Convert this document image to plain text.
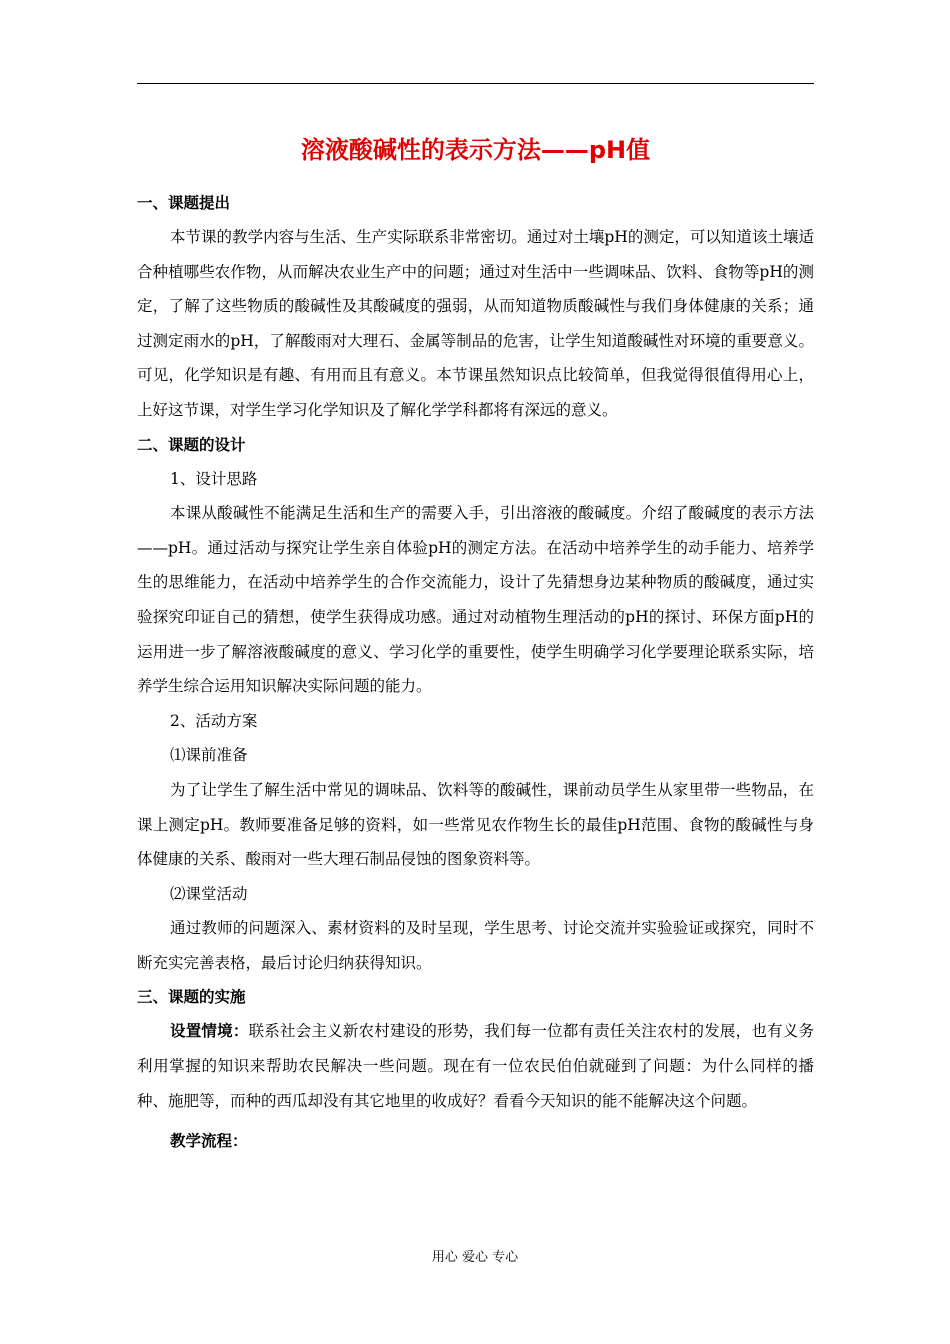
溶液酸碱性的表示方法——pH值
一、课题提出

本节课的教学内容与生活、生产实际联系非常密切。通过对土壤pH的测定，可以知道该土壤适合种植哪些农作物，从而解决农业生产中的问题；通过对生活中一些调味品、饮料、食物等pH的测定，了解了这些物质的酸碱性及其酸碱度的强弱，从而知道物质酸碱性与我们身体健康的关系；通过测定雨水的pH，了解酸雨对大理石、金属等制品的危害，让学生知道酸碱性对环境的重要意义。可见，化学知识是有趣、有用而且有意义。本节课虽然知识点比较简单，但我觉得很值得用心上，上好这节课，对学生学习化学知识及了解化学学科都将有深远的意义。

二、课题的设计

1、设计思路

本课从酸碱性不能满足生活和生产的需要入手，引出溶液的酸碱度。介绍了酸碱度的表示方法——pH。通过活动与探究让学生亲自体验pH的测定方法。在活动中培养学生的动手能力、培养学生的思维能力，在活动中培养学生的合作交流能力，设计了先猜想身边某种物质的酸碱度，通过实验探究印证自己的猜想，使学生获得成功感。通过对动植物生理活动的pH的探讨、环保方面pH的运用进一步了解溶液酸碱度的意义、学习化学的重要性，使学生明确学习化学要理论联系实际，培养学生综合运用知识解决实际问题的能力。

2、活动方案

⑴课前准备

为了让学生了解生活中常见的调味品、饮料等的酸碱性，课前动员学生从家里带一些物品，在课上测定pH。教师要准备足够的资料，如一些常见农作物生长的最佳pH范围、食物的酸碱性与身体健康的关系、酸雨对一些大理石制品侵蚀的图象资料等。

⑵课堂活动

通过教师的问题深入、素材资料的及时呈现，学生思考、讨论交流并实验验证或探究，同时不断充实完善表格，最后讨论归纳获得知识。

三、课题的实施

设置情境：联系社会主义新农村建设的形势，我们每一位都有责任关注农村的发展，也有义务利用掌握的知识来帮助农民解决一些问题。现在有一位农民伯伯就碰到了问题：为什么同样的播种、施肥等，而种的西瓜却没有其它地里的收成好？看看今天知识的能不能解决这个问题。

教学流程：

用心 爱心 专心
